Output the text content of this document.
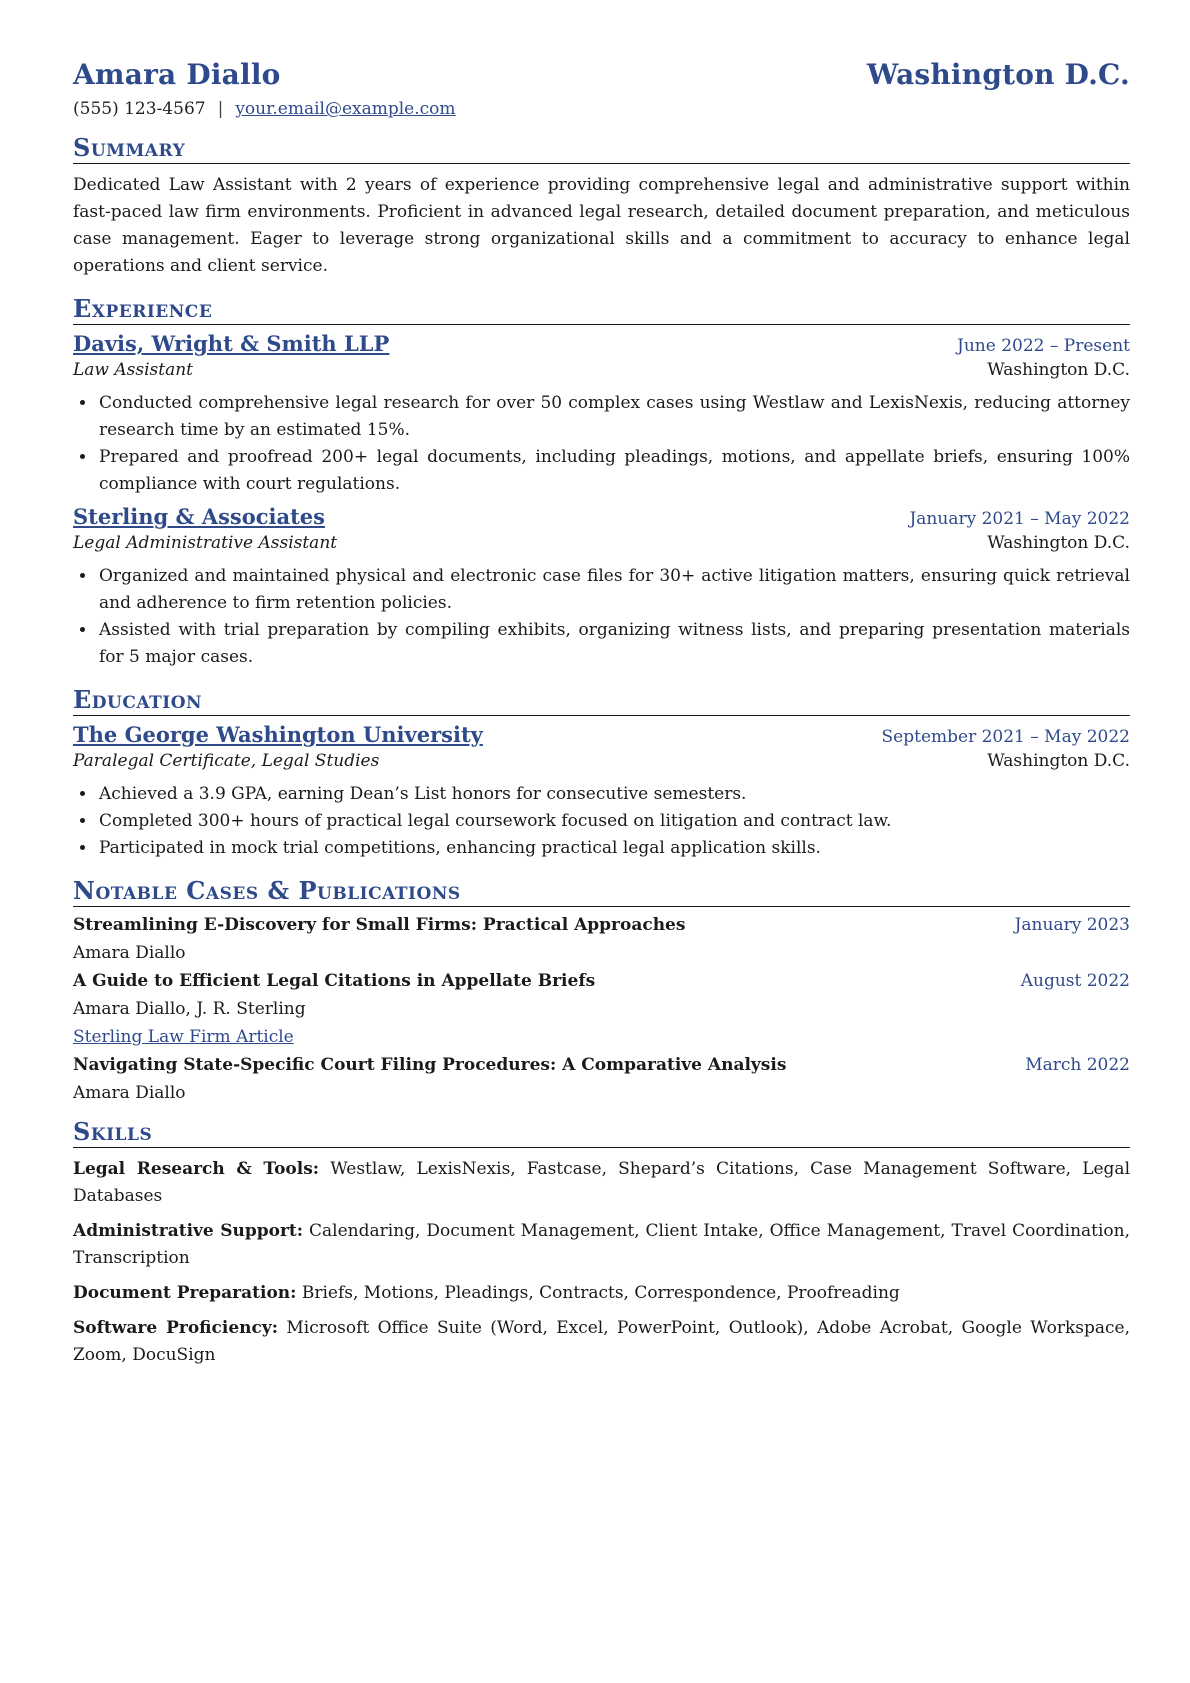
Amara Diallo	Washington D.C.
(555) 123-4567 | your.email@example.com
Summary
Dedicated Law Assistant with 2 years of experience providing comprehensive legal and administrative support within fast-paced law firm environments. Proficient in advanced legal research, detailed document preparation, and meticulous case management. Eager to leverage strong organizational skills and a commitment to accuracy to enhance legal operations and client service.
Experience
Davis, Wright & Smith LLP	June 2022 – Present
Law Assistant	Washington D.C.
• Conducted comprehensive legal research for over 50 complex cases using Westlaw and LexisNexis, reducing attorney research time by an estimated 15%.
• Prepared and proofread 200+ legal documents, including pleadings, motions, and appellate briefs, ensuring 100% compliance with court regulations.
Sterling & Associates	January 2021 – May 2022
Legal Administrative Assistant	Washington D.C.
• Organized and maintained physical and electronic case files for 30+ active litigation matters, ensuring quick retrieval and adherence to firm retention policies.
• Assisted with trial preparation by compiling exhibits, organizing witness lists, and preparing presentation materials for 5 major cases.
Education
The George Washington University	September 2021 – May 2022
Paralegal Certificate, Legal Studies	Washington D.C.
• Achieved a 3.9 GPA, earning Dean’s List honors for consecutive semesters.
• Completed 300+ hours of practical legal coursework focused on litigation and contract law.
• Participated in mock trial competitions, enhancing practical legal application skills.
Notable Cases & Publications
Streamlining E-Discovery for Small Firms: Practical Approaches	January 2023
Amara Diallo
A Guide to Efficient Legal Citations in Appellate Briefs	August 2022
Amara Diallo, J. R. Sterling
Sterling Law Firm Article
Navigating State-Specific Court Filing Procedures: A Comparative Analysis	March 2022
Amara Diallo
Skills
Legal Research & Tools: Westlaw, LexisNexis, Fastcase, Shepard’s Citations, Case Management Software, Legal Databases
Administrative Support: Calendaring, Document Management, Client Intake, Office Management, Travel Coordination, Transcription
Document Preparation: Briefs, Motions, Pleadings, Contracts, Correspondence, Proofreading
Software Proficiency: Microsoft Office Suite (Word, Excel, PowerPoint, Outlook), Adobe Acrobat, Google Workspace, Zoom, DocuSign
